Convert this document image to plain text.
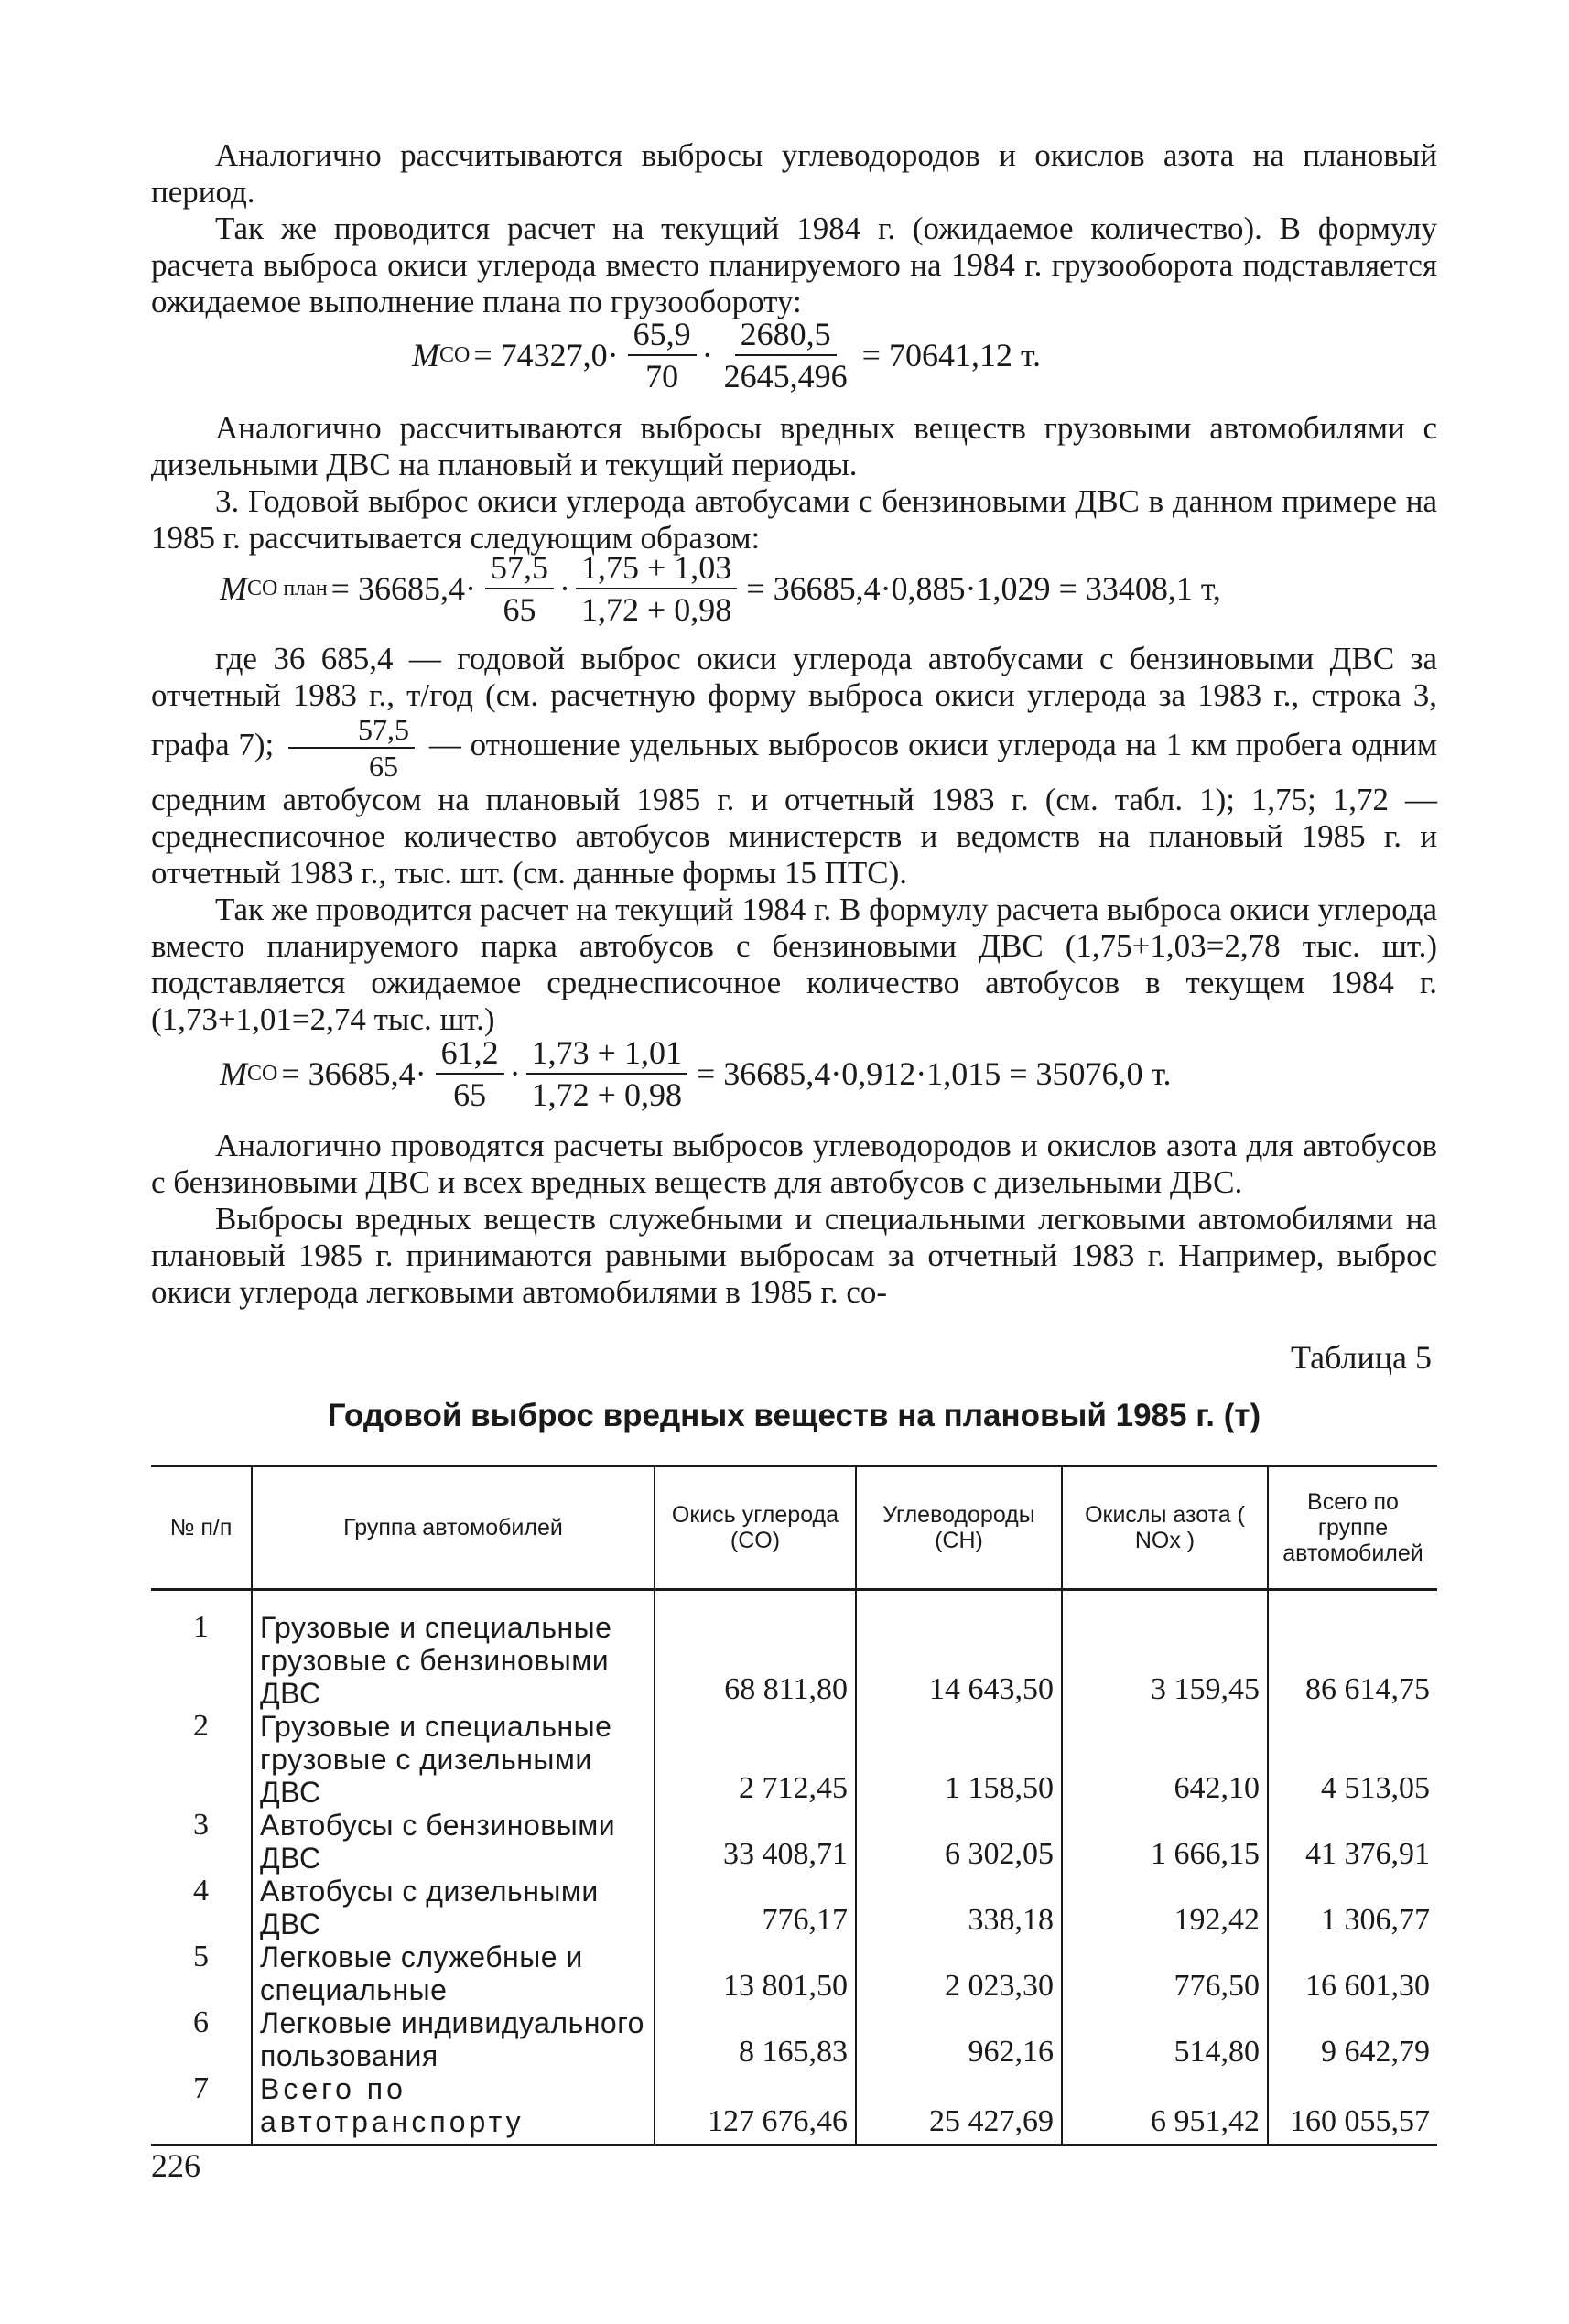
Аналогично рассчитываются выбросы углеводородов и окислов азота на плановый период.

Так же проводится расчет на текущий 1984 г. (ожидаемое количество). В формулу расчета выброса окиси углерода вместо планируемого на 1984 г. грузооборота подставляется ожидаемое выполнение плана по грузообороту:

M CO = $74327,0\cdot \frac{65,9}{70} \cdot \frac{2680,5}{2645,496} = 70641,12$ т.

Аналогично рассчитываются выбросы вредных веществ грузовыми автомобилями с дизельными ДВС на плановый и текущий периоды.

3. Годовой выброс окиси углерода автобусами с бензиновыми ДВС в данном примере на 1985 г. рассчитывается следующим образом:

M CO план = $36685,4\cdot \frac{57,5}{65} \cdot \frac{1,75 + 1,03}{1,72 + 0,98} = 36685,4\cdot 0,885\cdot 1,029 = 33408,1$ т,

где 36 685,4 — годовой выброс окиси углерода автобусами с бензиновыми ДВС за отчетный 1983 г., т/год (см. расчетную форму выброса окиси углерода за 1983 г., строка 3, графа 7); $\frac{57,5}{65}$ — отношение удельных выбросов окиси углерода на 1 км пробега одним средним автобусом на плановый 1985 г. и отчетный 1983 г. (см. табл. 1); 1,75; 1,72 — среднесписочное количество автобусов министерств и ведомств на плановый 1985 г. и отчетный 1983 г., тыс. шт. (см. данные формы 15 ПТС).

Так же проводится расчет на текущий 1984 г. В формулу расчета выброса окиси углерода вместо планируемого парка автобусов с бензиновыми ДВС (1,75+1,03=2,78 тыс. шт.) подставляется ожидаемое среднесписочное количество автобусов в текущем 1984 г. (1,73+1,01=2,74 тыс. шт.)

M CO = $36685,4\cdot \frac{61,2}{65} \cdot \frac{1,73 + 1,01}{1,72 + 0,98} = 36685,4\cdot 0,912\cdot 1,015 = 35076,0$ т.

Аналогично проводятся расчеты выбросов углеводородов и окислов азота для автобусов с бензиновыми ДВС и всех вредных веществ для автобусов с дизельными ДВС.

Выбросы вредных веществ служебными и специальными легковыми автомобилями на плановый 1985 г. принимаются равными выбросам за отчетный 1983 г. Например, выброс окиси углерода легковыми автомобилями в 1985 г. со-

Таблица 5
Годовой выброс вредных веществ на плановый 1985 г. (т)
№ п/п	Группа автомобилей	Окись углерода (CO)	Углеводороды (CH)	Окислы азота ( NOx )	Всего по группе автомобилей
1	Грузовые и специальные грузовые с бензиновыми ДВС	68 811,80	14 643,50	3 159,45	86 614,75
2	Грузовые и специальные грузовые с дизельными ДВС	2 712,45	1 158,50	642,10	4 513,05
3	Автобусы с бензиновыми ДВС	33 408,71	6 302,05	1 666,15	41 376,91
4	Автобусы с дизельными ДВС	776,17	338,18	192,42	1 306,77
5	Легковые служебные и специальные	13 801,50	2 023,30	776,50	16 601,30
6	Легковые индивидуального пользования	8 165,83	962,16	514,80	9 642,79
7	Всего по автотранспорту	127 676,46	25 427,69	6 951,42	160 055,57
226
